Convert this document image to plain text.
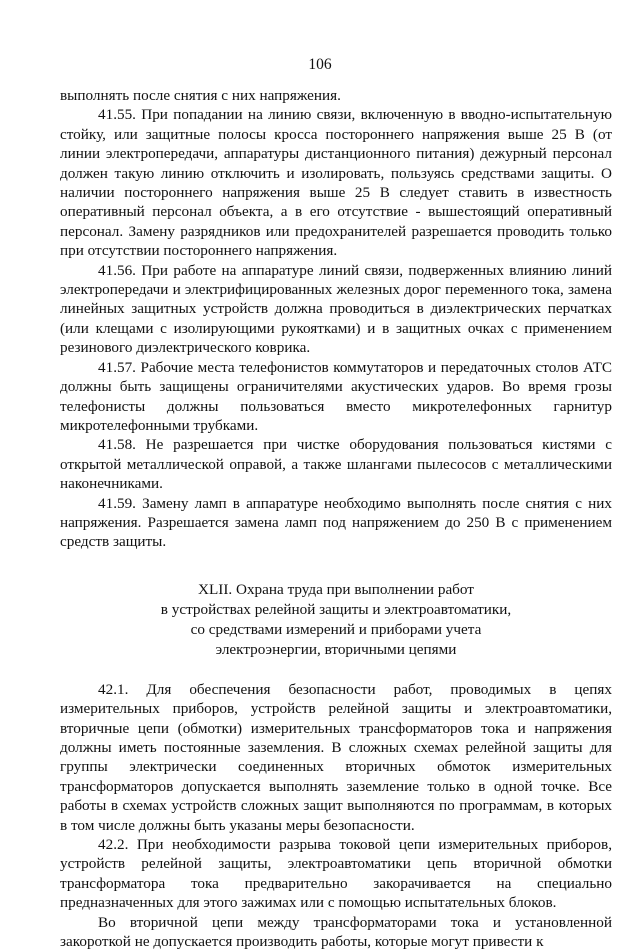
106

выполнять после снятия с них напряжения.

41.55. При попадании на линию связи, включенную в вводно-испытательную стойку, или защитные полосы кросса постороннего напряжения выше 25 В (от линии электропередачи, аппаратуры дистанционного питания) дежурный персонал должен такую линию отключить и изолировать, пользуясь средствами защиты. О наличии постороннего напряжения выше 25 В следует ставить в известность оперативный персонал объекта, а в его отсутствие - вышестоящий оперативный персонал. Замену разрядников или предохранителей разрешается проводить только при отсутствии постороннего напряжения.

41.56. При работе на аппаратуре линий связи, подверженных влиянию линий электропередачи и электрифицированных железных дорог переменного тока, замена линейных защитных устройств должна проводиться в диэлектрических перчатках (или клещами с изолирующими рукоятками) и в защитных очках с применением резинового диэлектрического коврика.

41.57. Рабочие места телефонистов коммутаторов и передаточных столов АТС должны быть защищены ограничителями акустических ударов. Во время грозы телефонисты должны пользоваться вместо микротелефонных гарнитур микротелефонными трубками.

41.58. Не разрешается при чистке оборудования пользоваться кистями с открытой металлической оправой, а также шлангами пылесосов с металлическими наконечниками.

41.59. Замену ламп в аппаратуре необходимо выполнять после снятия с них напряжения. Разрешается замена ламп под напряжением до 250 В с применением средств защиты.

XLII. Охрана труда при выполнении работ
в устройствах релейной защиты и электроавтоматики,
со средствами измерений и приборами учета
электроэнергии, вторичными цепями

42.1. Для обеспечения безопасности работ, проводимых в цепях измерительных приборов, устройств релейной защиты и электроавтоматики, вторичные цепи (обмотки) измерительных трансформаторов тока и напряжения должны иметь постоянные заземления. В сложных схемах релейной защиты для группы электрически соединенных вторичных обмоток измерительных трансформаторов допускается выполнять заземление только в одной точке. Все работы в схемах устройств сложных защит выполняются по программам, в которых в том числе должны быть указаны меры безопасности.

42.2. При необходимости разрыва токовой цепи измерительных приборов, устройств релейной защиты, электроавтоматики цепь вторичной обмотки трансформатора тока предварительно закорачивается на специально предназначенных для этого зажимах или с помощью испытательных блоков.

Во вторичной цепи между трансформаторами тока и установленной закороткой не допускается производить работы, которые могут привести к
